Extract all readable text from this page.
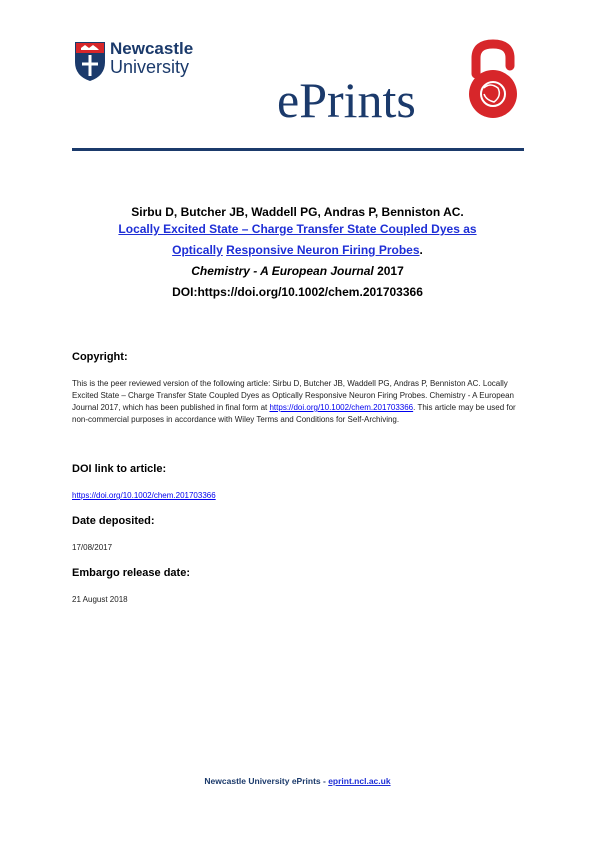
Newcastle
University
ePrints
Sirbu D, Butcher JB, Waddell PG, Andras P, Benniston AC.
Locally Excited State – Charge Transfer State Coupled Dyes as
Optically Responsive Neuron Firing Probes.
Chemistry - A European Journal 2017
DOI:https://doi.org/10.1002/chem.201703366
Copyright:
This is the peer reviewed version of the following article: Sirbu D, Butcher JB, Waddell PG, Andras P, Benniston AC. Locally Excited State – Charge Transfer State Coupled Dyes as Optically Responsive Neuron Firing Probes. Chemistry - A European Journal 2017, which has been published in final form at https://doi.org/10.1002/chem.201703366. This article may be used for non-commercial purposes in accordance with Wiley Terms and Conditions for Self-Archiving.
DOI link to article:
https://doi.org/10.1002/chem.201703366
Date deposited:
17/08/2017
Embargo release date:
21 August 2018
Newcastle University ePrints - eprint.ncl.ac.uk
